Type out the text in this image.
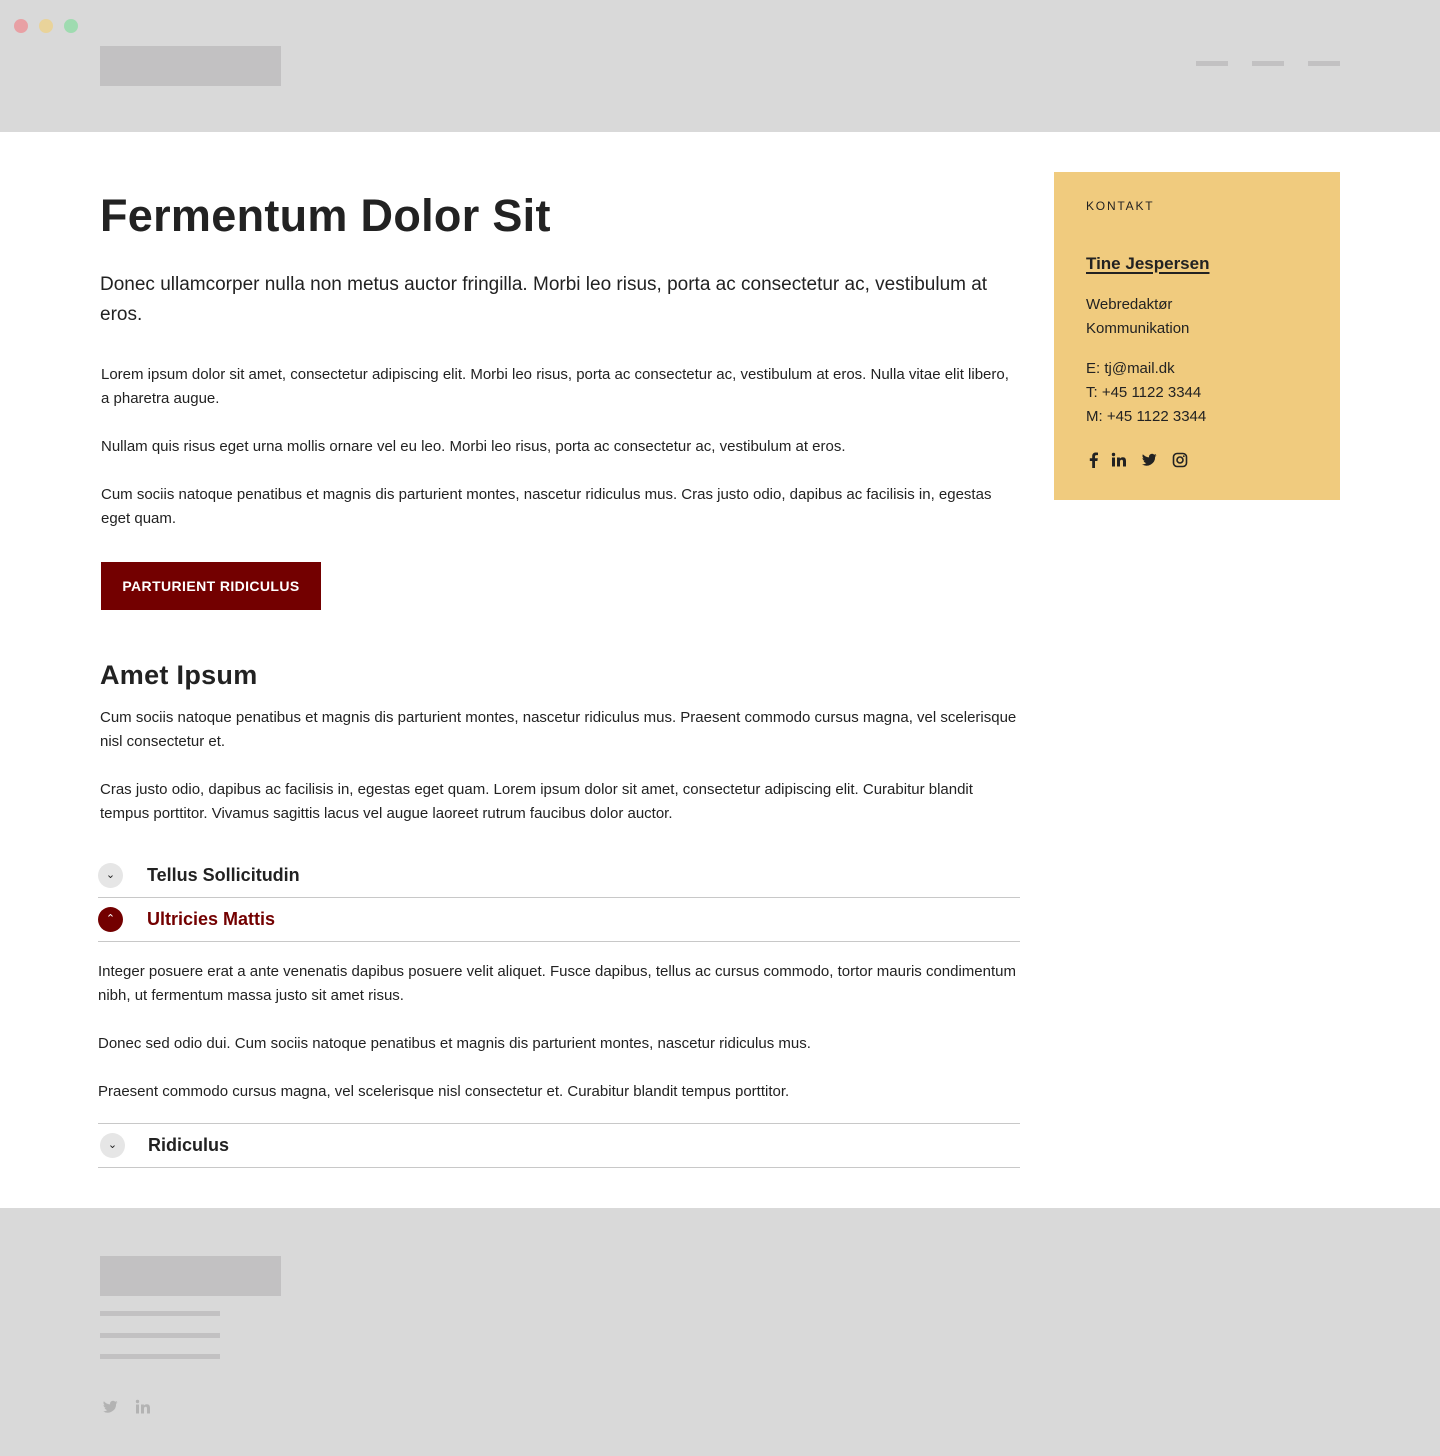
Fermentum Dolor Sit

Donec ullamcorper nulla non metus auctor fringilla. Morbi leo risus, porta ac consectetur ac, vestibulum at eros.

Lorem ipsum dolor sit amet, consectetur adipiscing elit. Morbi leo risus, porta ac consectetur ac, vestibulum at eros. Nulla vitae elit libero, a pharetra augue.

Nullam quis risus eget urna mollis ornare vel eu leo. Morbi leo risus, porta ac consectetur ac, vestibulum at eros.

Cum sociis natoque penatibus et magnis dis parturient montes, nascetur ridiculus mus. Cras justo odio, dapibus ac facilisis in, egestas eget quam.

PARTURIENT RIDICULUS
Amet Ipsum

Cum sociis natoque penatibus et magnis dis parturient montes, nascetur ridiculus mus. Praesent commodo cursus magna, vel scelerisque nisl consectetur et.

Cras justo odio, dapibus ac facilisis in, egestas eget quam. Lorem ipsum dolor sit amet, consectetur adipiscing elit. Curabitur blandit tempus porttitor. Vivamus sagittis lacus vel augue laoreet rutrum faucibus dolor auctor.

⌄	Tellus Sollicitudin
⌃	Ultricies Mattis

Integer posuere erat a ante venenatis dapibus posuere velit aliquet. Fusce dapibus, tellus ac cursus commodo, tortor mauris condimentum nibh, ut fermentum massa justo sit amet risus.

Donec sed odio dui. Cum sociis natoque penatibus et magnis dis parturient montes, nascetur ridiculus mus.

Praesent commodo cursus magna, vel scelerisque nisl consectetur et. Curabitur blandit tempus porttitor.

⌄	Ridiculus
KONTAKT
Tine Jespersen
Webredaktør
Kommunikation
E: tj@mail.dk
T: +45 1122 3344
M: +45 1122 3344
